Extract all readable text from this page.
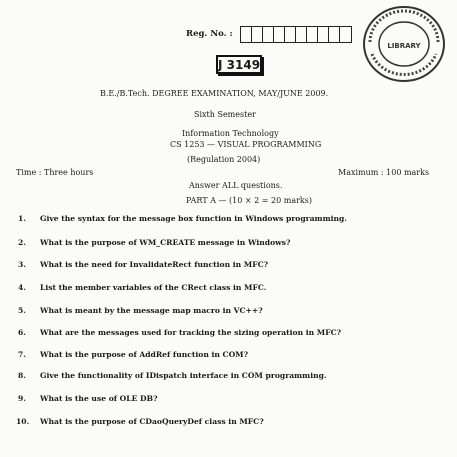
Reg. No. :
LIBRARY
J 3149
B.E./B.Tech. DEGREE EXAMINATION, MAY/JUNE 2009.
Sixth Semester
Information Technology
CS 1253 — VISUAL PROGRAMMING
(Regulation 2004)
Time : Three hours	Maximum : 100 marks
Answer ALL questions.
PART A — (10 × 2 = 20 marks)
1. Give the syntax for the message box function in Windows programming.
2. What is the purpose of WM_CREATE message in Windows?
3. What is the need for InvalidateRect function in MFC?
4. List the member variables of the CRect class in MFC.
5. What is meant by the message map macro in VC++?
6. What are the messages used for tracking the sizing operation in MFC?
7. What is the purpose of AddRef function in COM?
8. Give the functionality of IDispatch interface in COM programming.
9. What is the use of OLE DB?
10. What is the purpose of CDaoQueryDef class in MFC?
